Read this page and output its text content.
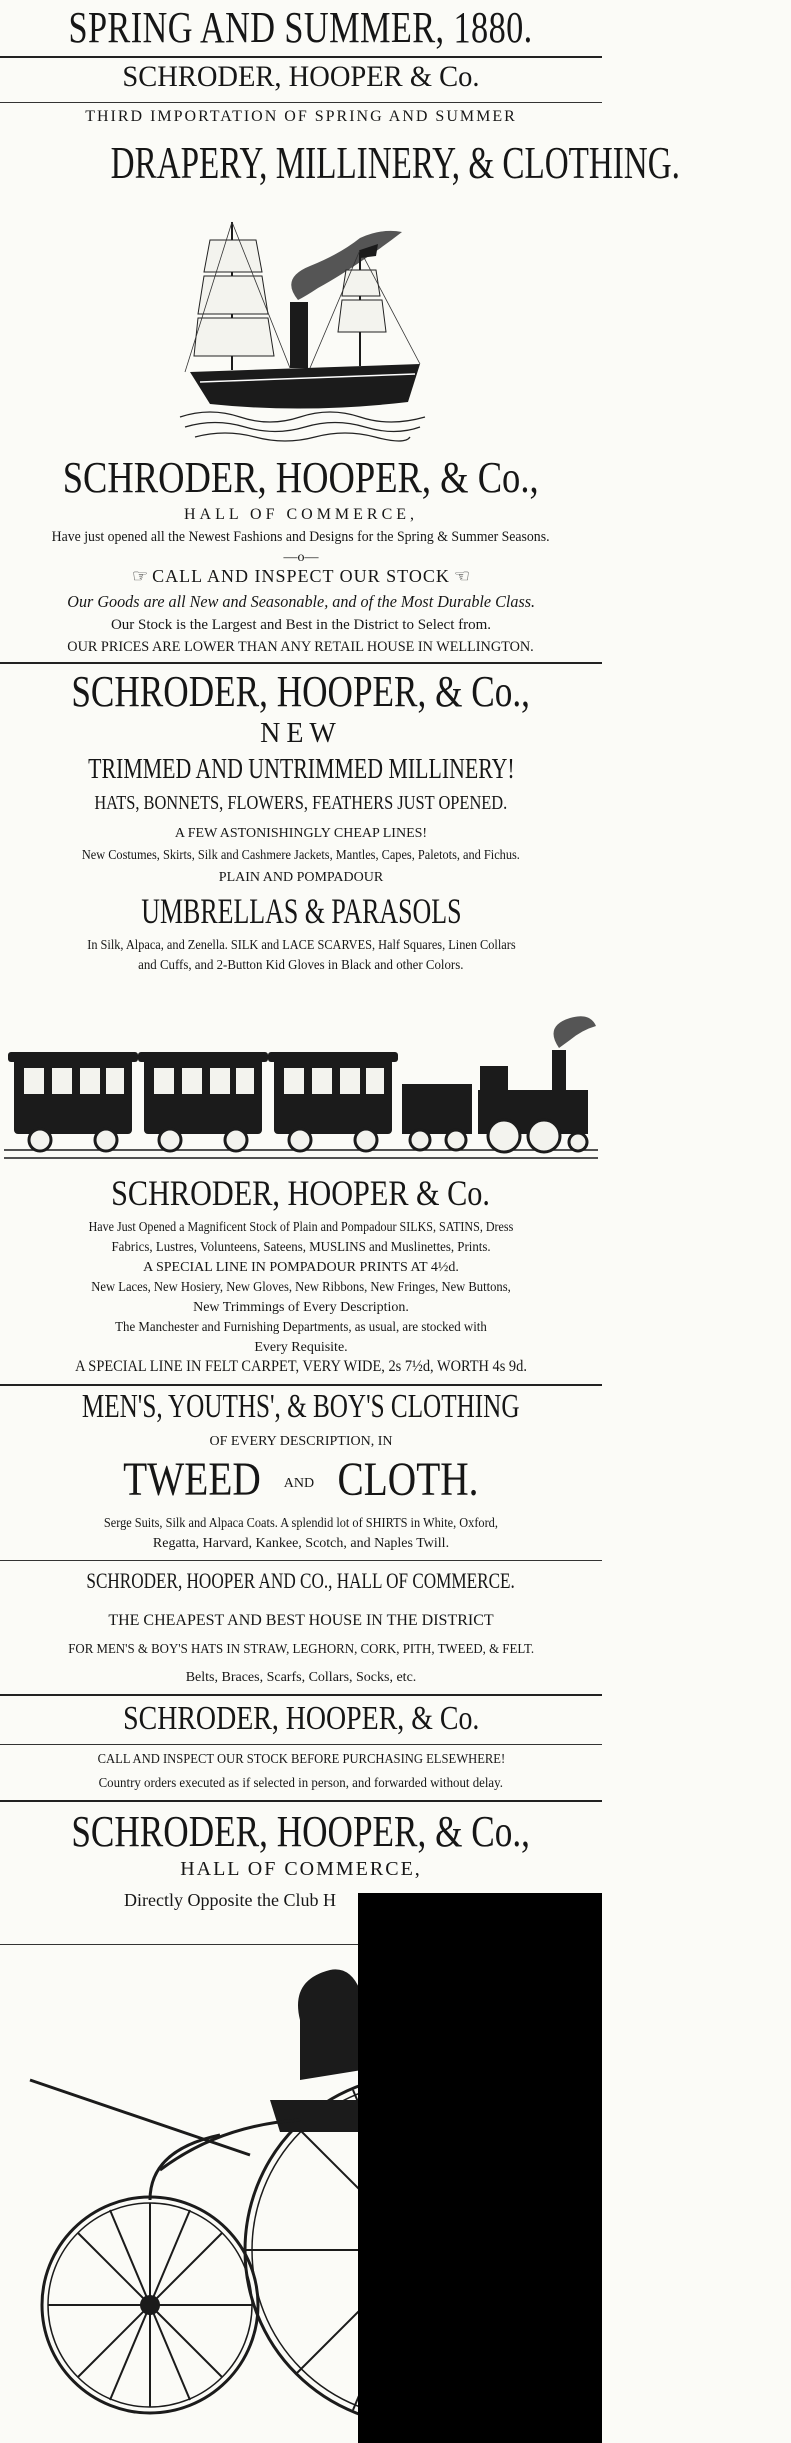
SPRING AND SUMMER, 1880.
SCHRODER, HOOPER & Co.
THIRD IMPORTATION OF SPRING AND SUMMER
DRAPERY, MILLINERY, & CLOTHING.
SCHRODER, HOOPER, & Co.,
HALL OF COMMERCE,
Have just opened all the Newest Fashions and Designs for the Spring & Summer Seasons.
—o—
☞ CALL AND INSPECT OUR STOCK ☜
Our Goods are all New and Seasonable, and of the Most Durable Class.
Our Stock is the Largest and Best in the District to Select from.
OUR PRICES ARE LOWER THAN ANY RETAIL HOUSE IN WELLINGTON.
SCHRODER, HOOPER, & Co.,
NEW
TRIMMED AND UNTRIMMED MILLINERY!
HATS, BONNETS, FLOWERS, FEATHERS JUST OPENED.
A FEW ASTONISHINGLY CHEAP LINES!
New Costumes, Skirts, Silk and Cashmere Jackets, Mantles, Capes, Paletots, and Fichus.
PLAIN AND POMPADOUR
UMBRELLAS & PARASOLS
In Silk, Alpaca, and Zenella. SILK and LACE SCARVES, Half Squares, Linen Collars
and Cuffs, and 2-Button Kid Gloves in Black and other Colors.
SCHRODER, HOOPER & Co.
Have Just Opened a Magnificent Stock of Plain and Pompadour SILKS, SATINS, Dress
Fabrics, Lustres, Volunteens, Sateens, MUSLINS and Muslinettes, Prints.
A SPECIAL LINE IN POMPADOUR PRINTS AT 4½d.
New Laces, New Hosiery, New Gloves, New Ribbons, New Fringes, New Buttons,
New Trimmings of Every Description.
The Manchester and Furnishing Departments, as usual, are stocked with
Every Requisite.
A SPECIAL LINE IN FELT CARPET, VERY WIDE, 2s 7½d, WORTH 4s 9d.
MEN'S, YOUTHS', & BOY'S CLOTHING
OF EVERY DESCRIPTION, IN
TWEED AND CLOTH.
Serge Suits, Silk and Alpaca Coats. A splendid lot of SHIRTS in White, Oxford,
Regatta, Harvard, Kankee, Scotch, and Naples Twill.
SCHRODER, HOOPER AND CO., HALL OF COMMERCE.
THE CHEAPEST AND BEST HOUSE IN THE DISTRICT
FOR MEN'S & BOY'S HATS IN STRAW, LEGHORN, CORK, PITH, TWEED, & FELT.
Belts, Braces, Scarfs, Collars, Socks, etc.
SCHRODER, HOOPER, & Co.
CALL AND INSPECT OUR STOCK BEFORE PURCHASING ELSEWHERE!
Country orders executed as if selected in person, and forwarded without delay.
SCHRODER, HOOPER, & Co.,
HALL OF COMMERCE,
Directly Opposite the Club H
